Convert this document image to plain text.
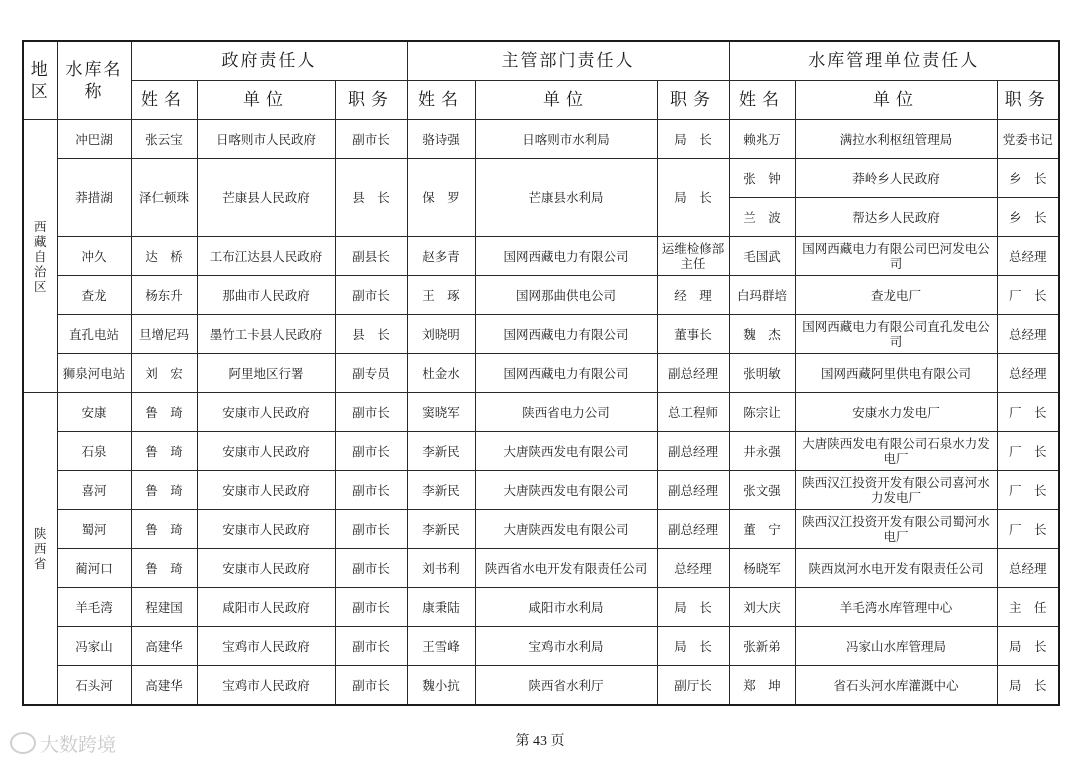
地区	水库名称	政府责任人			主管部门责任人			水库管理单位责任人		
		姓名	单位	职务	姓名	单位	职务	姓名	单位	职务

西藏自治区	冲巴湖	张云宝	日喀则市人民政府	副市长	骆诗强	日喀则市水利局	局　长	赖兆万	满拉水利枢纽管理局	党委书记
	莽措湖	泽仁顿珠	芒康县人民政府	县　长	保　罗	芒康县水利局	局　长	张　钟	莽岭乡人民政府	乡　长
								兰　波	帮达乡人民政府	乡　长
	冲久	达　桥	工布江达县人民政府	副县长	赵多青	国网西藏电力有限公司	运维检修部主任	毛国武	国网西藏电力有限公司巴河发电公司	总经理
	查龙	杨东升	那曲市人民政府	副市长	王　琢	国网那曲供电公司	经　理	白玛群培	查龙电厂	厂　长
	直孔电站	旦增尼玛	墨竹工卡县人民政府	县　长	刘晓明	国网西藏电力有限公司	董事长	魏　杰	国网西藏电力有限公司直孔发电公司	总经理
	狮泉河电站	刘　宏	阿里地区行署	副专员	杜金水	国网西藏电力有限公司	副总经理	张明敏	国网西藏阿里供电有限公司	总经理

陕西省	安康	鲁　琦	安康市人民政府	副市长	窦晓军	陕西省电力公司	总工程师	陈宗让	安康水力发电厂	厂　长
	石泉	鲁　琦	安康市人民政府	副市长	李新民	大唐陕西发电有限公司	副总经理	井永强	大唐陕西发电有限公司石泉水力发电厂	厂　长
	喜河	鲁　琦	安康市人民政府	副市长	李新民	大唐陕西发电有限公司	副总经理	张文强	陕西汉江投资开发有限公司喜河水力发电厂	厂　长
	蜀河	鲁　琦	安康市人民政府	副市长	李新民	大唐陕西发电有限公司	副总经理	董　宁	陕西汉江投资开发有限公司蜀河水电厂	厂　长
	蔺河口	鲁　琦	安康市人民政府	副市长	刘书利	陕西省水电开发有限责任公司	总经理	杨晓军	陕西岚河水电开发有限责任公司	总经理
	羊毛湾	程建国	咸阳市人民政府	副市长	康秉陆	咸阳市水利局	局　长	刘大庆	羊毛湾水库管理中心	主　任
	冯家山	高建华	宝鸡市人民政府	副市长	王雪峰	宝鸡市水利局	局　长	张新弟	冯家山水库管理局	局　长
	石头河	高建华	宝鸡市人民政府	副市长	魏小抗	陕西省水利厅	副厅长	郑　坤	省石头河水库灌溉中心	局　长
大数跨境	第 43 页
